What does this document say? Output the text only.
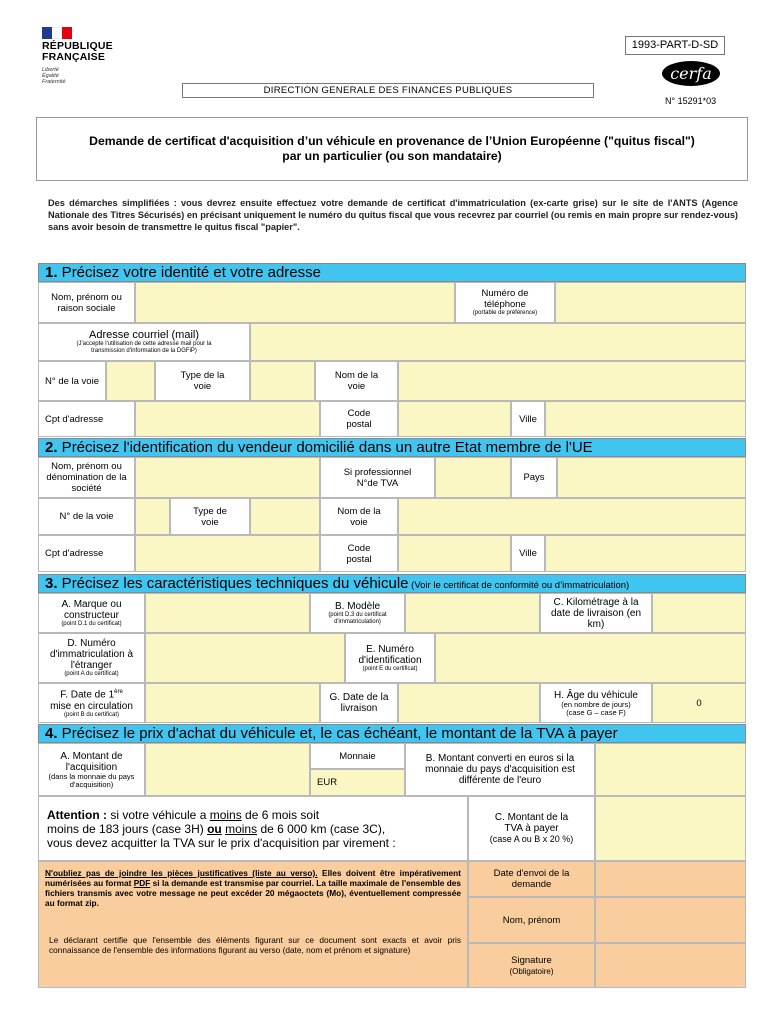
RÉPUBLIQUE
FRANÇAISE
Liberté
Égalité
Fraternité
1993-PART-D-SD
cerfa
DIRECTION GENERALE DES FINANCES PUBLIQUES
N° 15291*03
Demande de certificat d'acquisition d’un véhicule en provenance de l’Union Européenne ("quitus fiscal")
par un particulier (ou son mandataire)
Des démarches simplifiées : vous devrez ensuite effectuez votre demande de certificat d'immatriculation (ex-carte grise) sur le site de l'ANTS (Agence Nationale des Titres Sécurisés) en précisant uniquement le numéro du quitus fiscal que vous recevrez par courriel (ou remis en main propre sur rendez-vous) sans avoir besoin de transmettre le quitus fiscal "papier".
1. Précisez votre identité et votre adresse
Nom, prénom ou raison sociale
Numéro de téléphone
(portable de préférence)
Adresse courriel (mail)
(J'accepte l'utilisation de cette adresse mail pour la transmission d'information de la DGFiP)
N° de la voie	Type de la voie
Nom de la voie
Cpt d'adresse	Code postal	Ville
2. Précisez l'identification du vendeur domicilié dans un autre Etat membre de l'UE
Nom, prénom ou dénomination de la société
Si professionnel N°de TVA	Pays
N° de la voie	Type de voie
Nom de la voie
Cpt d'adresse	Code postal	Ville
3. Précisez les caractéristiques techniques du véhicule (Voir le certificat de conformité ou d’immatriculation)
A. Marque ou constructeur
(point D.1 du certificat)
B. Modèle
(point D.3 du certificat d'immatriculation)
C. Kilométrage à la date de livraison (en km)
D. Numéro d'immatriculation à l'étranger
(point A du certificat)
E. Numéro d'identification
(point E du certificat)
F. Date de 1ère
mise en circulation
(point B du certificat)
G. Date de la livraison
H. Âge du véhicule
(en nombre de jours)
(case G – case F)
0
4. Précisez le prix d'achat du véhicule et, le cas échéant, le montant de la TVA à payer
A. Montant de l'acquisition
(dans la monnaie du pays d'acquisition)
Monnaie
EUR
B. Montant converti en euros si la monnaie du pays d'acquisition est différente de l'euro
Attention : si votre véhicule a moins de 6 mois soit
moins de 183 jours (case 3H) ou moins de 6 000 km (case 3C),
vous devez acquitter la TVA sur le prix d'acquisition par virement :
C. Montant de la TVA à payer
(case A ou B x 20 %)
N'oubliez pas de joindre les pièces justificatives (liste au verso). Elles doivent être impérativement numérisées au format PDF si la demande est transmise par courriel. La taille maximale de l'ensemble des fichiers transmis avec votre message ne peut excéder 20 mégaoctets (Mo), éventuellement compressée au format zip.
Le déclarant certifie que l'ensemble des éléments figurant sur ce document sont exacts et avoir pris connaissance de l'ensemble des informations figurant au verso (date, nom et prénom et signature)
Date d'envoi de la demande
Nom, prénom
Signature
(Obligatoire)
